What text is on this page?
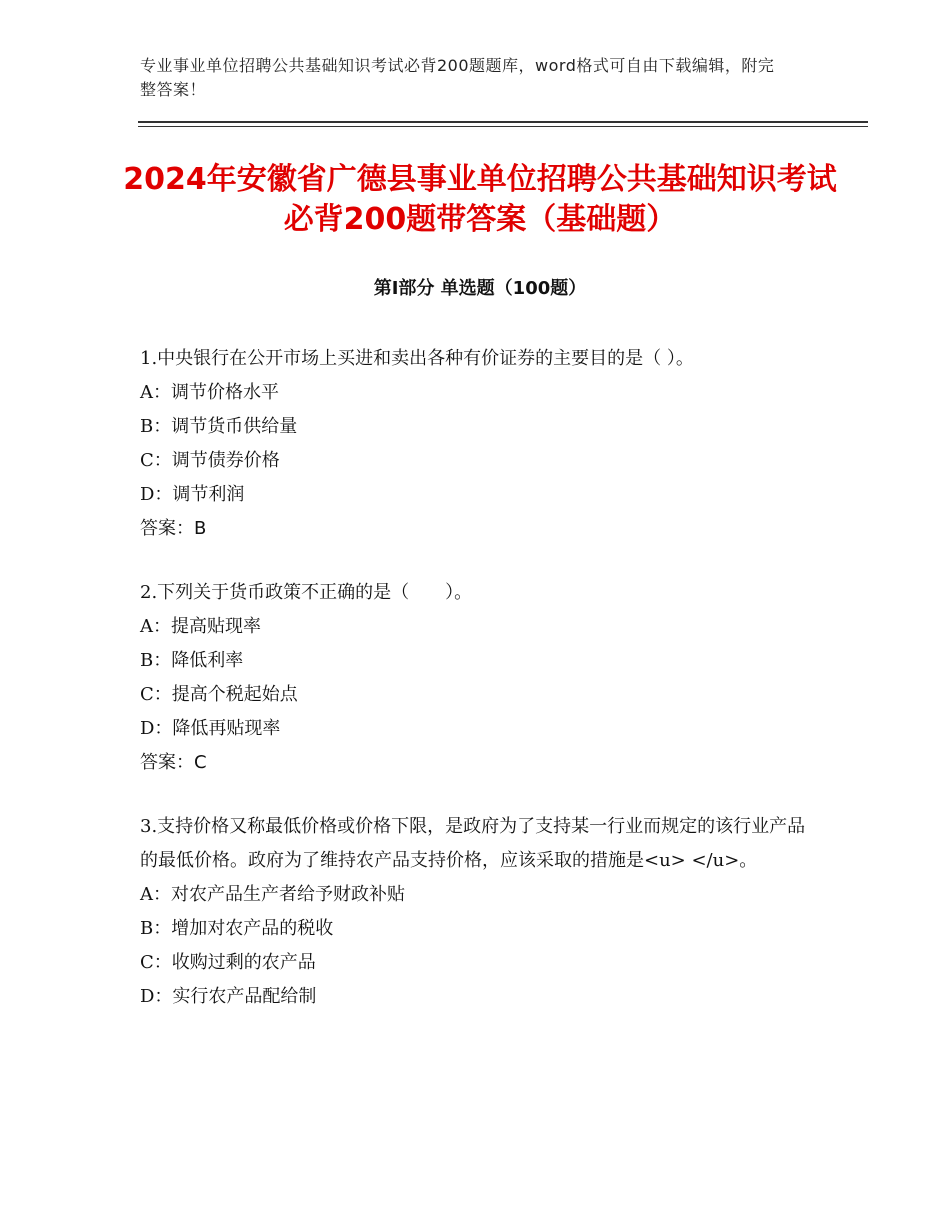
专业事业单位招聘公共基础知识考试必背200题题库，word格式可自由下载编辑，附完整答案！
2024年安徽省广德县事业单位招聘公共基础知识考试必背200题带答案（基础题）
第Ⅰ部分 单选题（100题）

1.中央银行在公开市场上买进和卖出各种有价证券的主要目的是（ ）。

A：调节价格水平

B：调节货币供给量

C：调节债券价格

D：调节利润

答案：B

2.下列关于货币政策不正确的是（　　）。

A：提高贴现率

B：降低利率

C：提高个税起始点

D：降低再贴现率

答案：C

3.支持价格又称最低价格或价格下限，是政府为了支持某一行业而规定的该行业产品的最低价格。政府为了维持农产品支持价格，应该采取的措施是<u> </u>。

A：对农产品生产者给予财政补贴

B：增加对农产品的税收

C：收购过剩的农产品

D：实行农产品配给制
